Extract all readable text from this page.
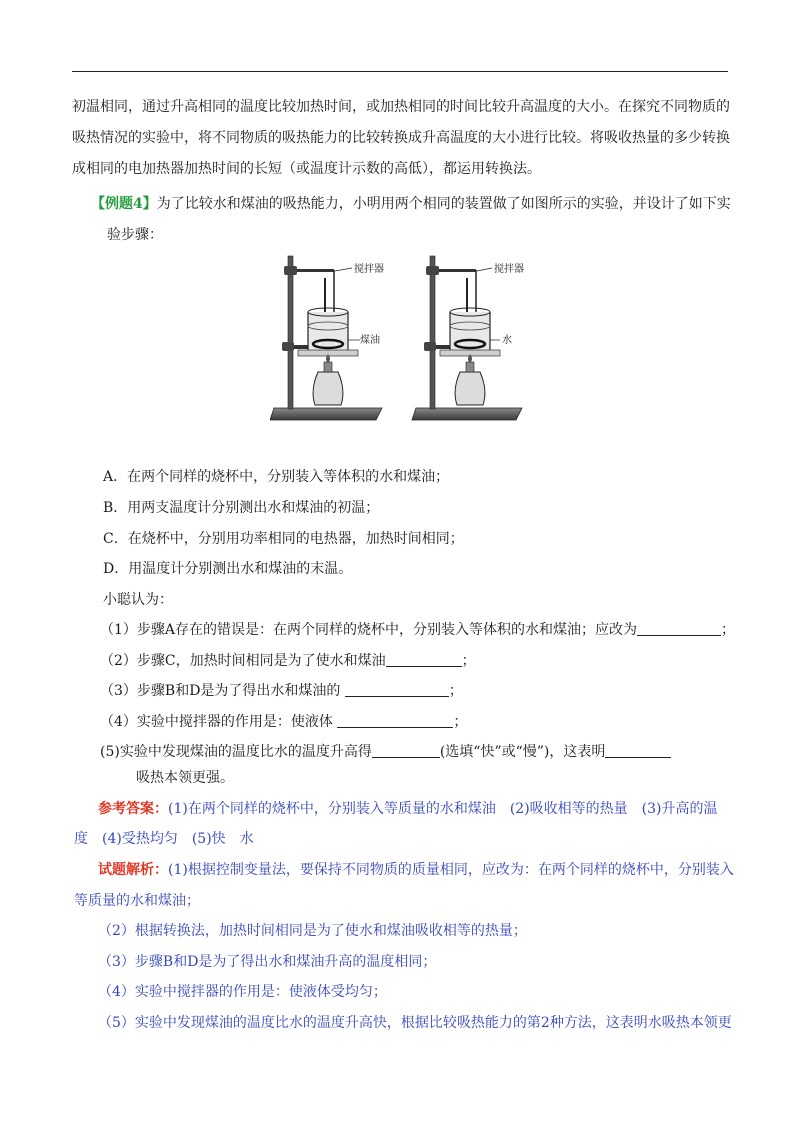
初温相同，通过升高相同的温度比较加热时间，或加热相同的时间比较升高温度的大小。在探究不同物质的
吸热情况的实验中，将不同物质的吸热能力的比较转换成升高温度的大小进行比较。将吸收热量的多少转换
成相同的电加热器加热时间的长短（或温度计示数的高低），都运用转换法。
【例题4】为了比较水和煤油的吸热能力，小明用两个相同的装置做了如图所示的实验，并设计了如下实
验步骤：
搅拌器
煤油
搅拌器
水
A．在两个同样的烧杯中，分别装入等体积的水和煤油；
B．用两支温度计分别测出水和煤油的初温；
C．在烧杯中，分别用功率相同的电热器，加热时间相同；
D．用温度计分别测出水和煤油的末温。
小聪认为：
（1）步骤A存在的错误是：在两个同样的烧杯中，分别装入等体积的水和煤油；应改为	；
（2）步骤C，加热时间相同是为了使水和煤油	；
（3）步骤B和D是为了得出水和煤油的	；
（4）实验中搅拌器的作用是：使液体	；
(5)实验中发现煤油的温度比水的温度升高得	(选填“快”或“慢”)，这表明
吸热本领更强。
参考答案：(1)在两个同样的烧杯中，分别装入等质量的水和煤油　(2)吸收相等的热量　(3)升高的温
度　(4)受热均匀　(5)快　水
试题解析：(1)根据控制变量法，要保持不同物质的质量相同，应改为：在两个同样的烧杯中，分别装入
等质量的水和煤油；
（2）根据转换法，加热时间相同是为了使水和煤油吸收相等的热量；
（3）步骤B和D是为了得出水和煤油升高的温度相同；
（4）实验中搅拌器的作用是：使液体受均匀；
（5）实验中发现煤油的温度比水的温度升高快，根据比较吸热能力的第2种方法，这表明水吸热本领更
